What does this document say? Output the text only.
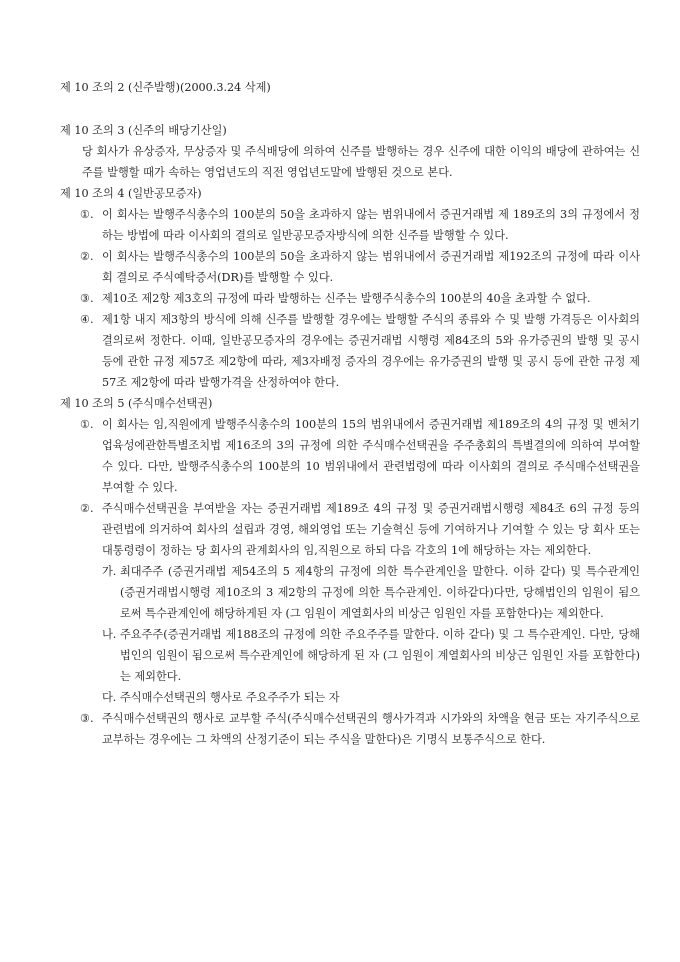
제 10 조의 2 (신주발행)(2000.3.24 삭제)

제 10 조의 3 (신주의 배당기산일)

당 회사가 유상증자, 무상증자 및 주식배당에 의하여 신주를 발행하는 경우 신주에 대한 이익의 배당에 관하여는 신주를 발행할 때가 속하는 영업년도의 직전 영업년도말에 발행된 것으로 본다.

제 10 조의 4 (일반공모증자)

①. 이 회사는 발행주식총수의 100분의 50을 초과하지 않는 범위내에서 증권거래법 제 189조의 3의 규정에서 정하는 방법에 따라 이사회의 결의로 일반공모증자방식에 의한 신주를 발행할 수 있다.
②. 이 회사는 발행주식총수의 100분의 50을 초과하지 않는 범위내에서 증권거래법 제192조의 규정에 따라 이사회 결의로 주식예탁증서(DR)를 발행할 수 있다.
③. 제10조 제2항 제3호의 규정에 따라 발행하는 신주는 발행주식총수의 100분의 40을 초과할 수 없다.
④. 제1항 내지 제3항의 방식에 의해 신주를 발행할 경우에는 발행할 주식의 종류와 수 및 발행 가격등은 이사회의 결의로써 정한다. 이때, 일반공모증자의 경우에는 증권거래법 시행령 제84조의 5와 유가증권의 발행 및 공시 등에 관한 규정 제57조 제2항에 따라, 제3자배정 증자의 경우에는 유가증권의 발행 및 공시 등에 관한 규정 제57조 제2항에 따라 발행가격을 산정하여야 한다.

제 10 조의 5 (주식매수선택권)

①. 이 회사는 임,직원에게 발행주식총수의 100분의 15의 범위내에서 증권거래법 제189조의 4의 규정 및 벤처기업육성에관한특별조치법 제16조의 3의 규정에 의한 주식매수선택권을 주주총회의 특별결의에 의하여 부여할 수 있다. 다만, 발행주식총수의 100분의 10 범위내에서 관련법령에 따라 이사회의 결의로 주식매수선택권을 부여할 수 있다.
②. 주식매수선택권을 부여받을 자는 증권거래법 제189조 4의 규정 및 증권거래법시행령 제84조 6의 규정 등의 관련법에 의거하여 회사의 설립과 경영, 해외영업 또는 기술혁신 등에 기여하거나 기여할 수 있는 당 회사 또는 대통령령이 정하는 당 회사의 관계회사의 임,직원으로 하되 다음 각호의 1에 해당하는 자는 제외한다.
가. 최대주주 (증권거래법 제54조의 5 제4항의 규정에 의한 특수관계인을 말한다. 이하 같다) 및 특수관계인(증권거래법시행령 제10조의 3 제2항의 규정에 의한 특수관계인. 이하같다)다만, 당해법인의 임원이 됨으로써 특수관계인에 해당하게된 자 (그 임원이 계열회사의 비상근 임원인 자를 포함한다)는 제외한다.
나. 주요주주(증권거래법 제188조의 규정에 의한 주요주주를 말한다. 이하 같다) 및 그 특수관계인. 다만, 당해법인의 임원이 됨으로써 특수관계인에 해당하게 된 자 (그 임원이 계열회사의 비상근 임원인 자를 포함한다)는 제외한다.
다. 주식매수선택권의 행사로 주요주주가 되는 자
③. 주식매수선택권의 행사로 교부할 주식(주식매수선택권의 행사가격과 시가와의 차액을 현금 또는 자기주식으로 교부하는 경우에는 그 차액의 산정기준이 되는 주식을 말한다)은 기명식 보통주식으로 한다.
